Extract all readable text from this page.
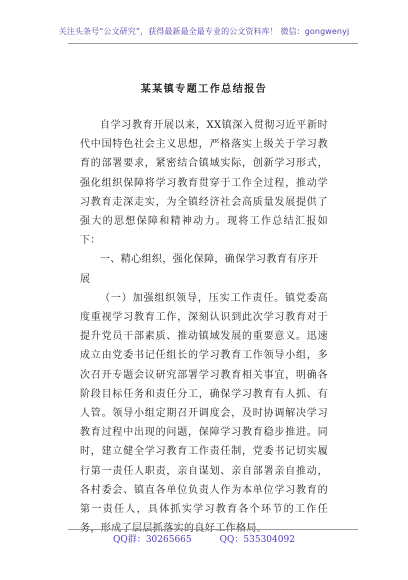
关注头条号“公文研究”，获得最新最全最专业的公文资料库！ 微信：gongwenyj
某某镇专题工作总结报告

自学习教育开展以来，XX镇深入贯彻习近平新时代中国特色社会主义思想，严格落实上级关于学习教育的部署要求，紧密结合镇域实际，创新学习形式，强化组织保障将学习教育贯穿于工作全过程，推动学习教育走深走实，为全镇经济社会高质量发展提供了强大的思想保障和精神动力。现将工作总结汇报如下：

一、精心组织，强化保障，确保学习教育有序开展

（一）加强组织领导，压实工作责任。镇党委高度重视学习教育工作，深刻认识到此次学习教育对于提升党员干部素质、推动镇域发展的重要意义。迅速成立由党委书记任组长的学习教育工作领导小组，多次召开专题会议研究部署学习教育相关事宜，明确各阶段目标任务和责任分工，确保学习教育有人抓、有人管。领导小组定期召开调度会，及时协调解决学习教育过程中出现的问题，保障学习教育稳步推进。同时，建立健全学习教育工作责任制，党委书记切实履行第一责任人职责，亲自谋划、亲自部署亲自推动，各村委会、镇直各单位负责人作为本单位学习教育的第一责任人，具体抓实学习教育各个环节的工作任务，形成了层层抓落实的良好工作格局。

QQ群：30265665	QQ：535304092
